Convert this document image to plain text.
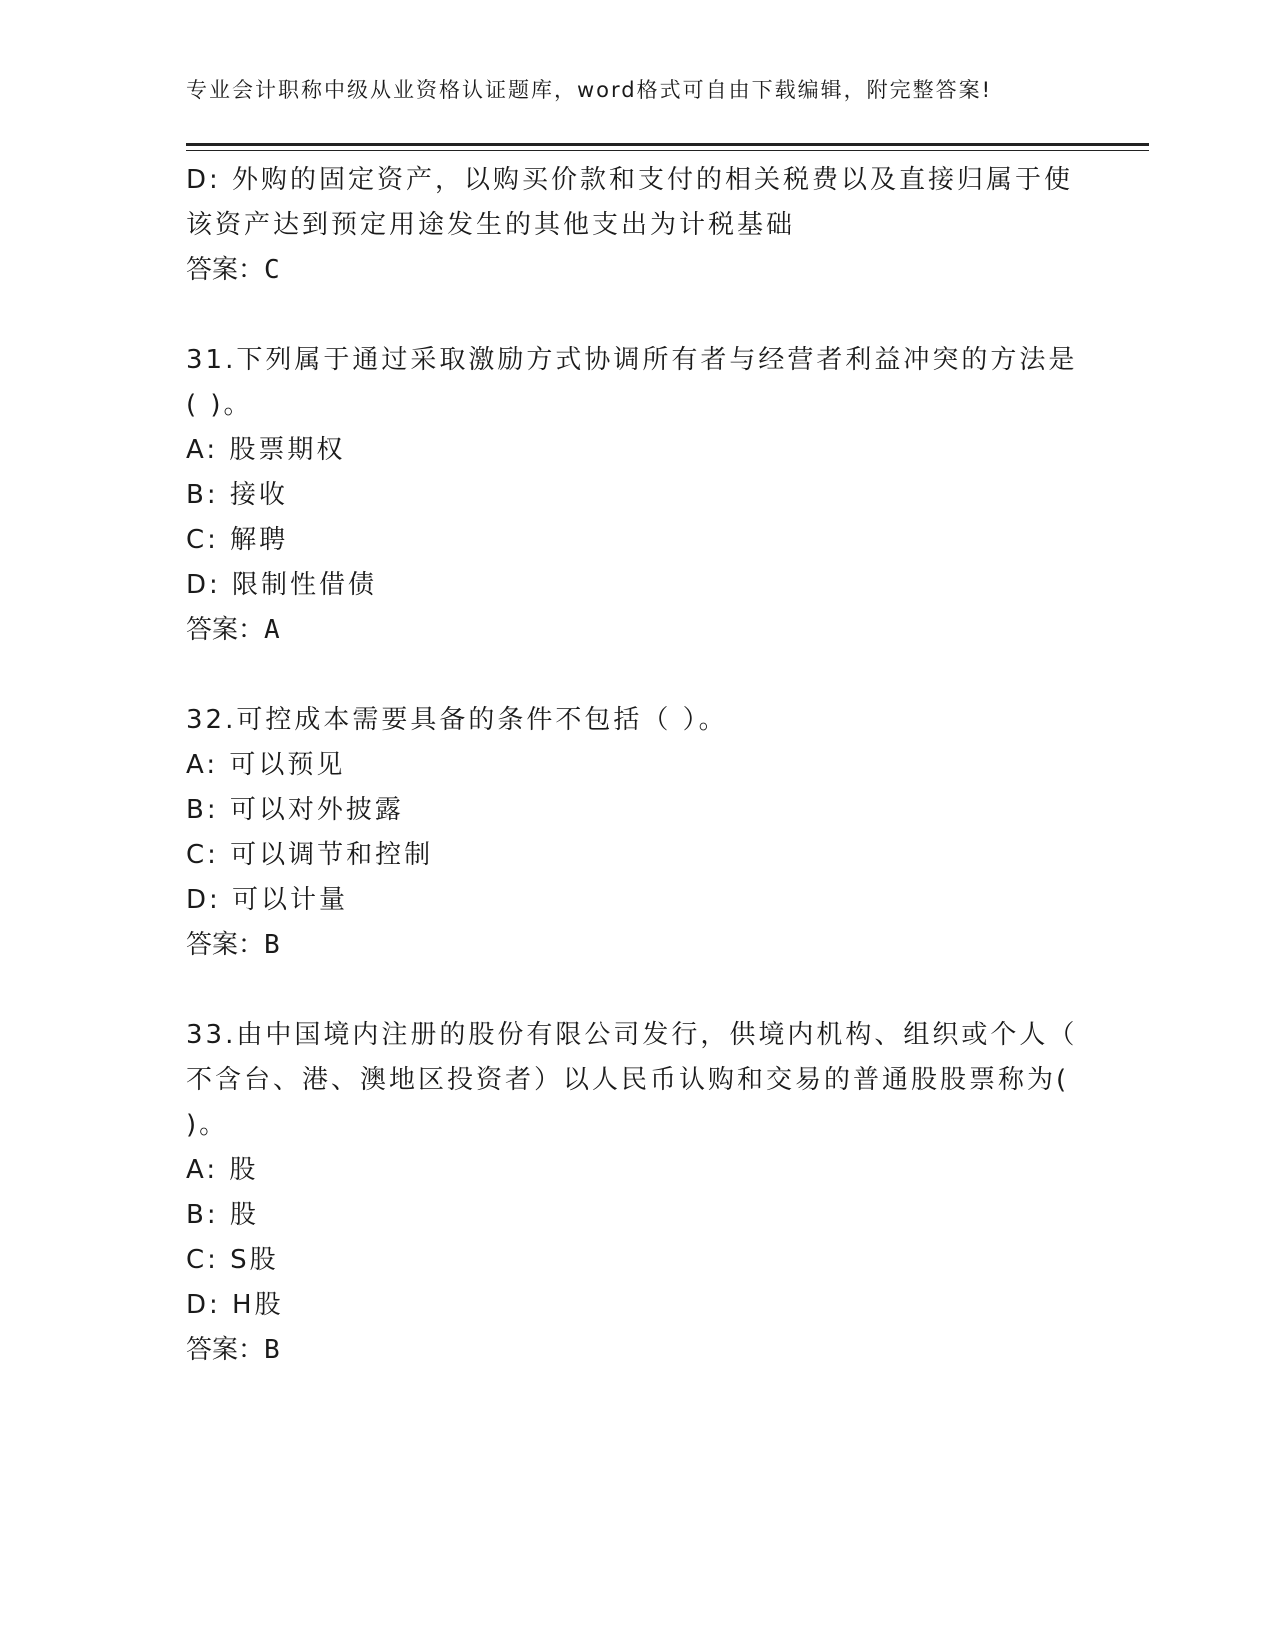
专业会计职称中级从业资格认证题库，word格式可自由下载编辑，附完整答案!
D: 外购的固定资产，以购买价款和支付的相关税费以及直接归属于使
该资产达到预定用途发生的其他支出为计税基础
答案：C
31.下列属于通过采取激励方式协调所有者与经营者利益冲突的方法是
( )。
A: 股票期权
B: 接收
C: 解聘
D: 限制性借债
答案：A
32.可控成本需要具备的条件不包括（ ）。
A: 可以预见
B: 可以对外披露
C: 可以调节和控制
D: 可以计量
答案：B
33.由中国境内注册的股份有限公司发行，供境内机构、组织或个人（
不含台、港、澳地区投资者）以人民币认购和交易的普通股股票称为(
)。
A: 股
B: 股
C: S股
D: H股
答案：B
